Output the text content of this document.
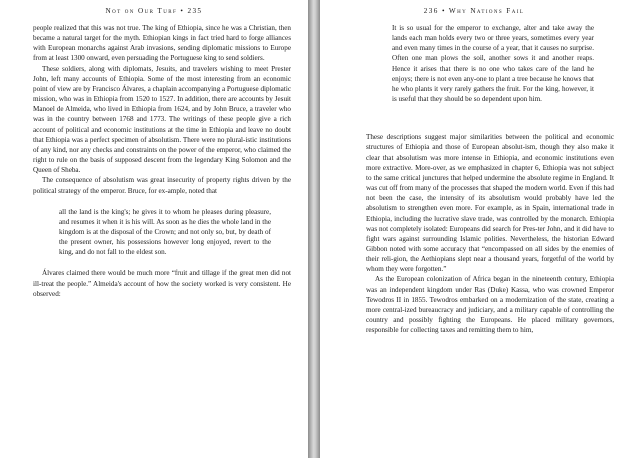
Not on Our Turf • 235

people realized that this was not true. The king of Ethiopia, since he was a Christian, then became a natural target for the myth. Ethiopian kings in fact tried hard to forge alliances with European monarchs against Arab invasions, sending diplomatic missions to Europe from at least 1300 onward, even persuading the Portuguese king to send soldiers.

These soldiers, along with diplomats, Jesuits, and travelers wishing to meet Prester John, left many accounts of Ethiopia. Some of the most interesting from an economic point of view are by Francisco Álvares, a chaplain accompanying a Portuguese diplomatic mission, who was in Ethiopia from 1520 to 1527. In addition, there are accounts by Jesuit Manoel de Almeida, who lived in Ethiopia from 1624, and by John Bruce, a traveler who was in the country between 1768 and 1773. The writings of these people give a rich account of political and economic institutions at the time in Ethiopia and leave no doubt that Ethiopia was a perfect specimen of absolutism. There were no plural-istic institutions of any kind, nor any checks and constraints on the power of the emperor, who claimed the right to rule on the basis of supposed descent from the legendary King Solomon and the Queen of Sheba.

The consequence of absolutism was great insecurity of property rights driven by the political strategy of the emperor. Bruce, for ex-ample, noted that

all the land is the king's; he gives it to whom he pleases during pleasure, and resumes it when it is his will. As soon as he dies the whole land in the kingdom is at the disposal of the Crown; and not only so, but, by death of the present owner, his possessions however long enjoyed, revert to the king, and do not fall to the eldest son.

Álvares claimed there would be much more “fruit and tillage if the great men did not ill-treat the people.” Almeida's account of how the society worked is very consistent. He observed:

236 • Why Nations Fail

It is so usual for the emperor to exchange, alter and take away the lands each man holds every two or three years, sometimes every year and even many times in the course of a year, that it causes no surprise. Often one man plows the soil, another sows it and another reaps. Hence it arises that there is no one who takes care of the land he enjoys; there is not even any-one to plant a tree because he knows that he who plants it very rarely gathers the fruit. For the king, however, it is useful that they should be so dependent upon him.

These descriptions suggest major similarities between the political and economic structures of Ethiopia and those of European absolut-ism, though they also make it clear that absolutism was more intense in Ethiopia, and economic institutions even more extractive. More-over, as we emphasized in chapter 6, Ethiopia was not subject to the same critical junctures that helped undermine the absolute regime in England. It was cut off from many of the processes that shaped the modern world. Even if this had not been the case, the intensity of its absolutism would probably have led the absolutism to strengthen even more. For example, as in Spain, international trade in Ethiopia, including the lucrative slave trade, was controlled by the monarch. Ethiopia was not completely isolated: Europeans did search for Pres-ter John, and it did have to fight wars against surrounding Islamic polities. Nevertheless, the historian Edward Gibbon noted with some accuracy that “encompassed on all sides by the enemies of their reli-gion, the Aethiopians slept near a thousand years, forgetful of the world by whom they were forgotten.”

As the European colonization of Africa began in the nineteenth century, Ethiopia was an independent kingdom under Ras (Duke) Kassa, who was crowned Emperor Tewodros II in 1855. Tewodros embarked on a modernization of the state, creating a more central-ized bureaucracy and judiciary, and a military capable of controlling the country and possibly fighting the Europeans. He placed military governors, responsible for collecting taxes and remitting them to him,
